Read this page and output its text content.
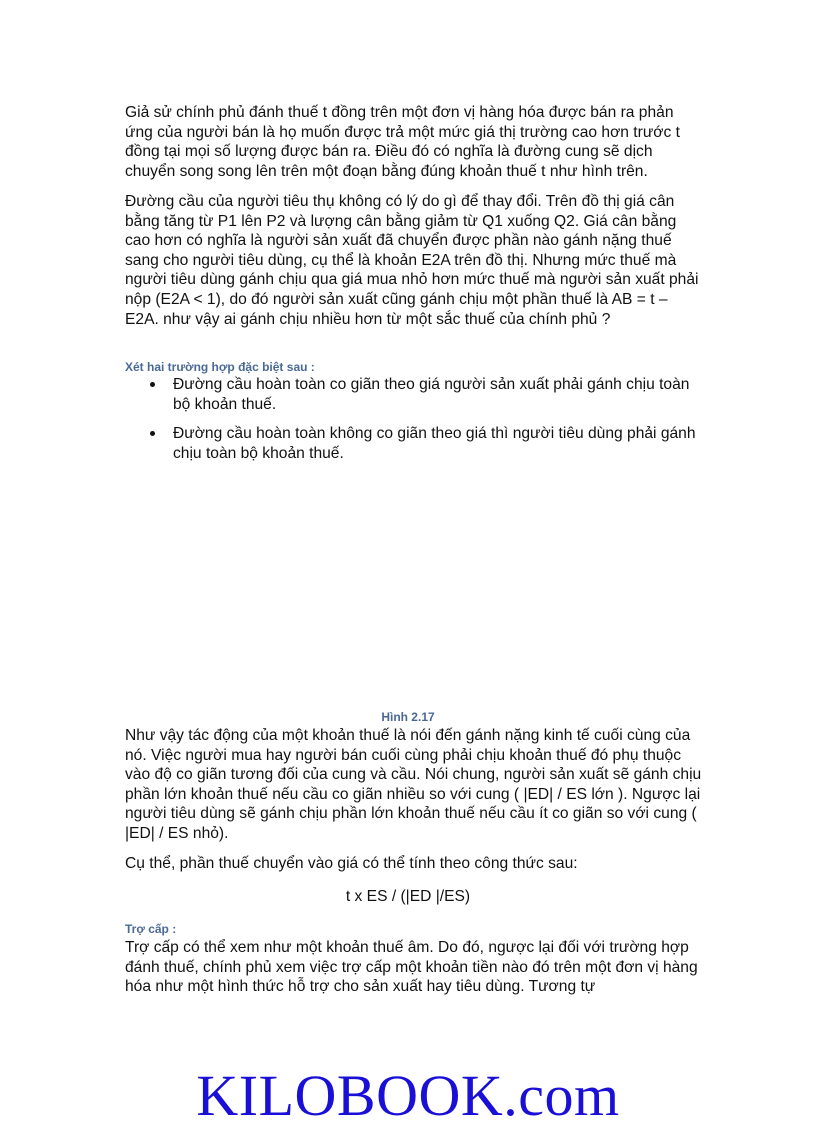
Giả sử chính phủ đánh thuế t đồng trên một đơn vị hàng hóa được bán ra phản ứng của người bán là họ muốn được trả một mức giá thị trường cao hơn trước t đồng tại mọi số lượng được bán ra. Điều đó có nghĩa là đường cung sẽ dịch chuyển song song lên trên một đoạn bằng đúng khoản thuế t như hình trên.

Đường cầu của người tiêu thụ không có lý do gì để thay đổi. Trên đồ thị giá cân bằng tăng từ P1 lên P2 và lượng cân bằng giảm từ Q1 xuống Q2. Giá cân bằng cao hơn có nghĩa là người sản xuất đã chuyển được phần nào gánh nặng thuế sang cho người tiêu dùng, cụ thể là khoản E2A trên đồ thị. Nhưng mức thuế mà người tiêu dùng gánh chịu qua giá mua nhỏ hơn mức thuế mà người sản xuất phải nộp (E2A < 1), do đó người sản xuất cũng gánh chịu một phần thuế là AB = t – E2A. như vậy ai gánh chịu nhiều hơn từ một sắc thuế của chính phủ ?

Xét hai trường hợp đặc biệt sau :

Đường cầu hoàn toàn co giãn theo giá người sản xuất phải gánh chịu toàn bộ khoản thuế.
Đường cầu hoàn toàn không co giãn theo giá thì người tiêu dùng phải gánh chịu toàn bộ khoản thuế.

Hình 2.17

Như vậy tác động của một khoản thuế là nói đến gánh nặng kinh tế cuối cùng của nó. Việc người mua hay người bán cuối cùng phải chịu khoản thuế đó phụ thuộc vào độ co giãn tương đối của cung và cầu. Nói chung, người sản xuất sẽ gánh chịu phần lớn khoản thuế nếu cầu co giãn nhiều so với cung ( |ED| / ES lớn ). Ngược lại người tiêu dùng sẽ gánh chịu phần lớn khoản thuế nếu cầu ít co giãn so với cung ( |ED| / ES nhỏ).

Cụ thể, phần thuế chuyển vào giá có thể tính theo công thức sau:

t x ES / (|ED |/ES)

Trợ cấp :

Trợ cấp có thể xem như một khoản thuế âm. Do đó, ngược lại đối với trường hợp đánh thuế, chính phủ xem việc trợ cấp một khoản tiền nào đó trên một đơn vị hàng hóa như một hình thức hỗ trợ cho sản xuất hay tiêu dùng. Tương tự

KILOBOOK.com
